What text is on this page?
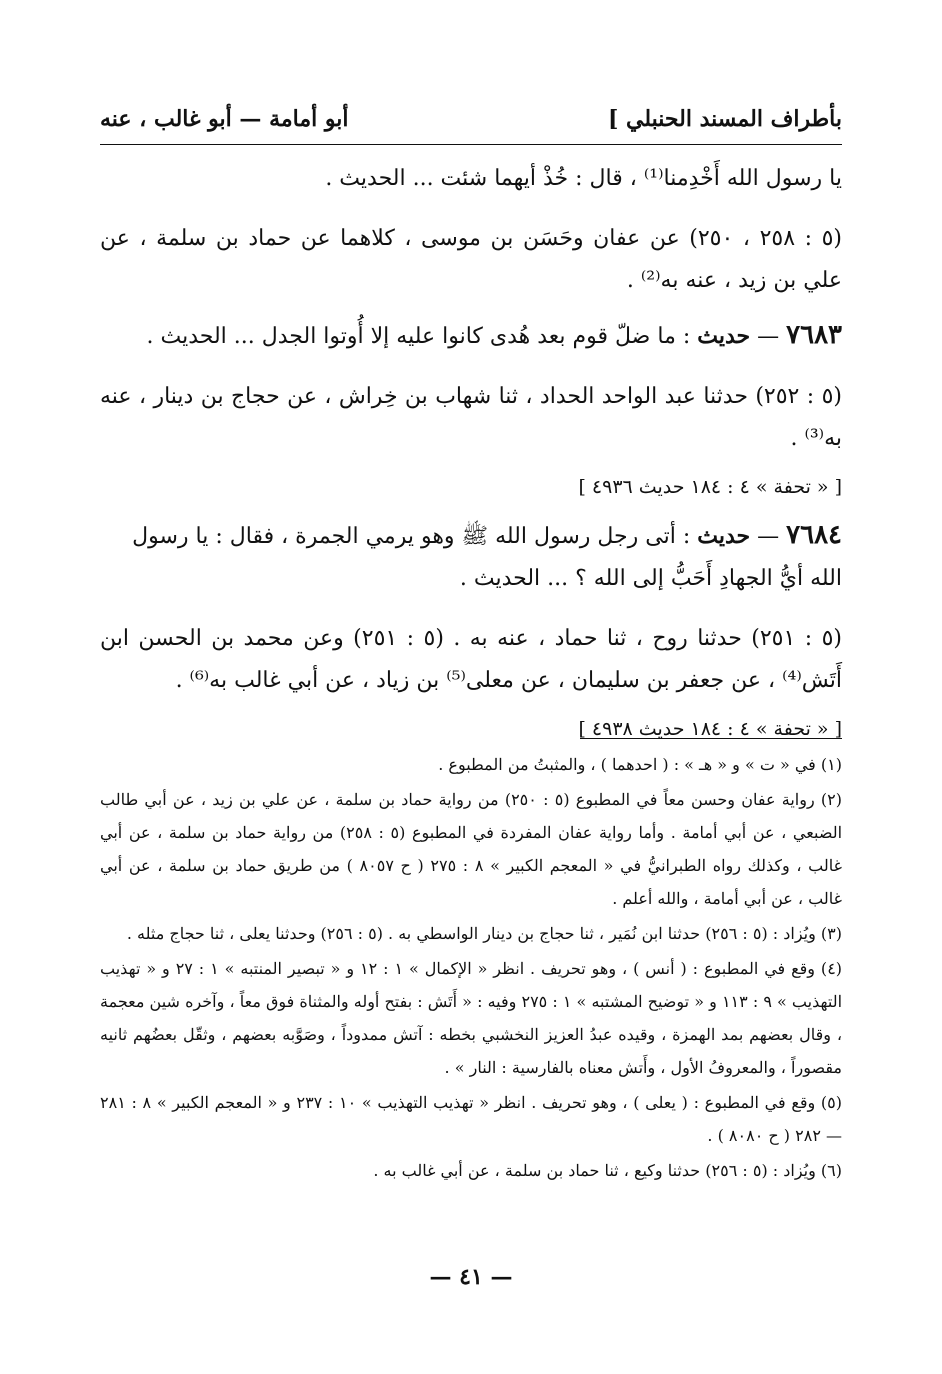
بأطراف المسند الحنبلي ]
أبو أمامة — أبو غالب ، عنه

يا رسول الله أَخْدِمنا⁽¹⁾ ، قال : خُذْ أيهما شئت ... الحديث .

(٥ : ٢٥٨ ، ٢٥٠) عن عفان وحَسَن بن موسى ، كلاهما عن حماد بن سلمة ، عن علي بن زيد ، عنه به⁽²⁾ .

٧٦٨٣ — حديث : ما ضلّ قوم بعد هُدى كانوا عليه إلا أُوتوا الجدل ... الحديث .

(٥ : ٢٥٢) حدثنا عبد الواحد الحداد ، ثنا شهاب بن خِراش ، عن حجاج بن دينار ، عنه به⁽³⁾ .

[ « تحفة » ٤ : ١٨٤ حديث ٤٩٣٦ ]

٧٦٨٤ — حديث : أتى رجل رسول الله ﷺ وهو يرمي الجمرة ، فقال : يا رسول الله أيُّ الجهادِ أَحَبُّ إلى الله ؟ ... الحديث .

(٥ : ٢٥١) حدثنا روح ، ثنا حماد ، عنه به . (٥ : ٢٥١) وعن محمد بن الحسن ابن أَتَش⁽⁴⁾ ، عن جعفر بن سليمان ، عن معلى⁽⁵⁾ بن زياد ، عن أبي غالب به⁽⁶⁾ .

[ « تحفة » ٤ : ١٨٤ حديث ٤٩٣٨ ]

(١) في « ت » و « هـ » : ( احدهما ) ، والمثبتُ من المطبوع .

(٢) رواية عفان وحسن معاً في المطبوع (٥ : ٢٥٠) من رواية حماد بن سلمة ، عن علي بن زيد ، عن أبي طالب الضبعي ، عن أبي أمامة . وأما رواية عفان المفردة في المطبوع (٥ : ٢٥٨) من رواية حماد بن سلمة ، عن أبي غالب ، وكذلك رواه الطبرانيُّ في « المعجم الكبير » ٨ : ٢٧٥ ( ح ٨٠٥٧ ) من طريق حماد بن سلمة ، عن أبي غالب ، عن أبي أمامة ، والله أعلم .

(٣) ويُزاد : (٥ : ٢٥٦) حدثنا ابن نُمَير ، ثنا حجاج بن دينار الواسطي به . (٥ : ٢٥٦) وحدثنا يعلى ، ثنا حجاج مثله .

(٤) وقع في المطبوع : ( أنس ) ، وهو تحريف . انظر « الإكمال » ١ : ١٢ و « تبصير المنتبه » ١ : ٢٧ و « تهذيب التهذيب » ٩ : ١١٣ و « توضيح المشتبه » ١ : ٢٧٥ وفيه : « أَتَش : بفتح أوله والمثناة فوق معاً ، وآخره شين معجمة ، وقال بعضهم بمد الهمزة ، وقيده عبدُ العزيز النخشبي بخطه : آتش ممدوداً ، وصَوَّبه بعضهم ، وثقّل بعضُهم ثانيه مقصوراً ، والمعروفُ الأول ، وأَتش معناه بالفارسية : النار » .

(٥) وقع في المطبوع : ( يعلى ) ، وهو تحريف . انظر « تهذيب التهذيب » ١٠ : ٢٣٧ و « المعجم الكبير » ٨ : ٢٨١ — ٢٨٢ ( ح ٨٠٨٠ ) .

(٦) ويُزاد : (٥ : ٢٥٦) حدثنا وكيع ، ثنا حماد بن سلمة ، عن أبي غالب به .

— ٤١ —
